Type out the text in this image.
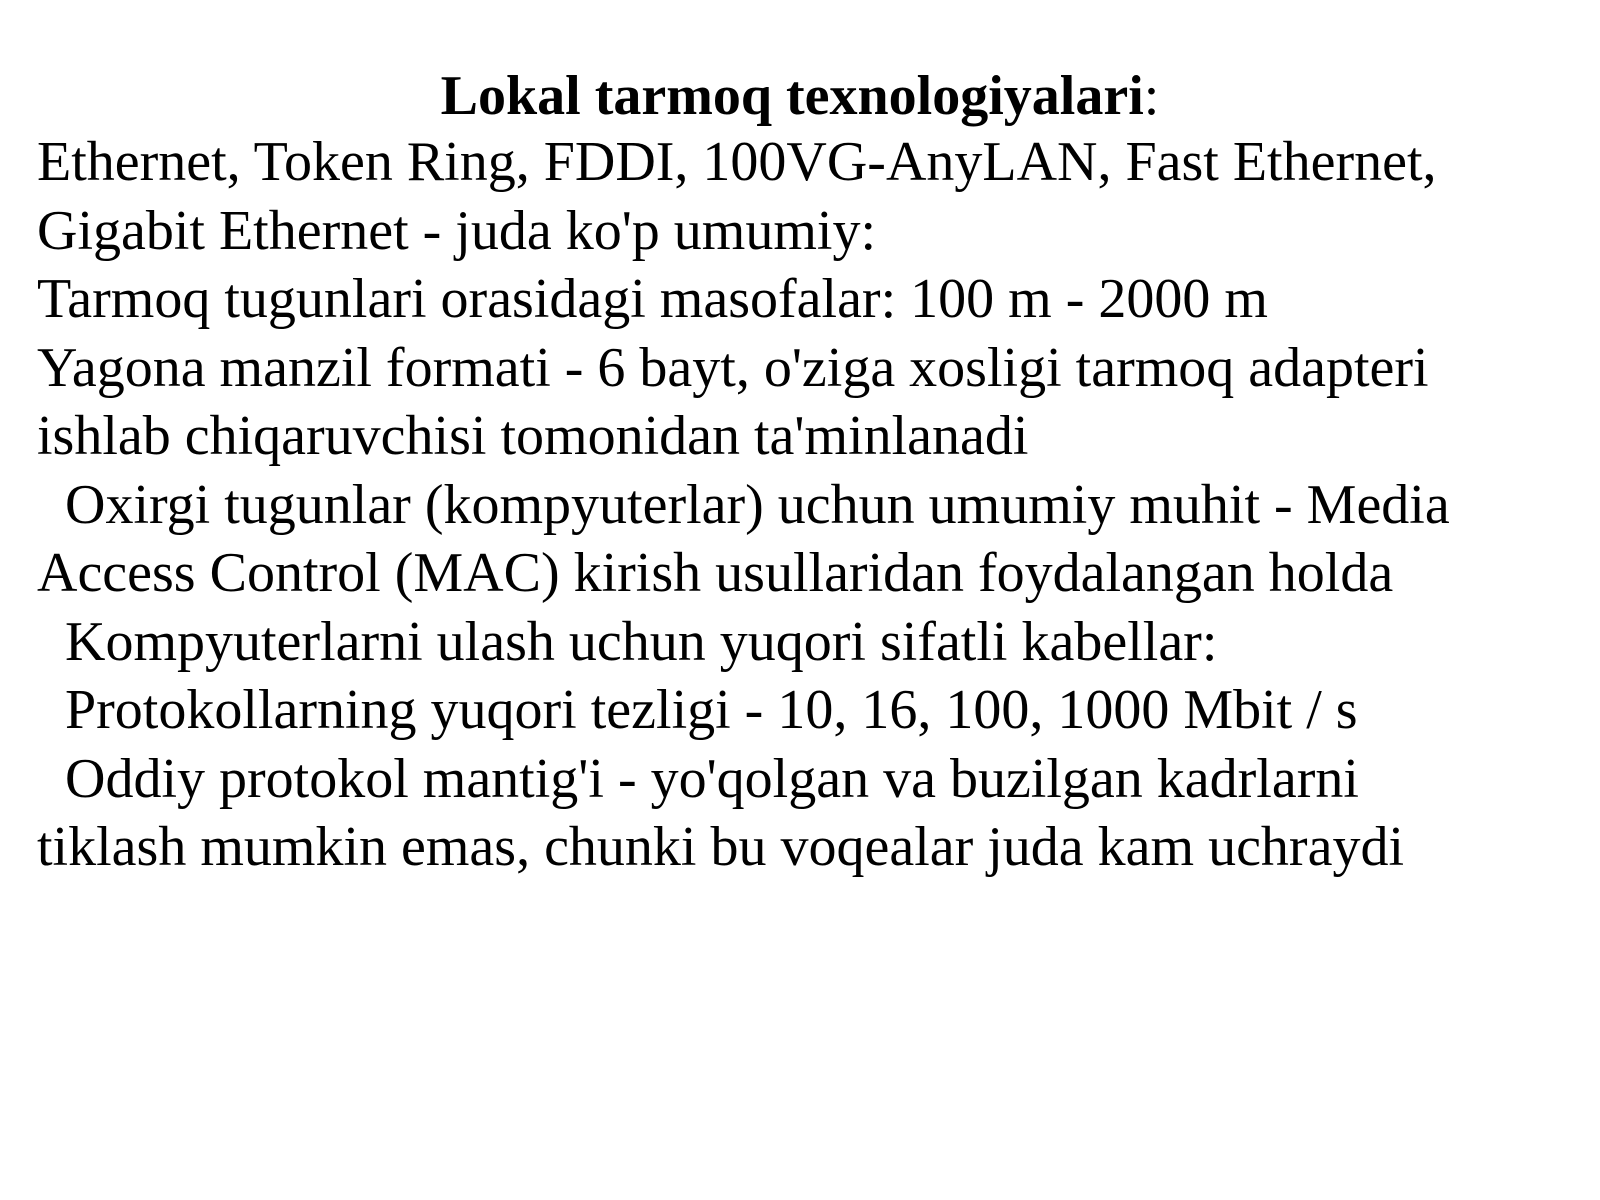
Lokal tarmoq texnologiyalari:
Ethernet, Token Ring, FDDI, 100VG-AnyLAN, Fast Ethernet,
Gigabit Ethernet - juda ko'p umumiy:
Tarmoq tugunlari orasidagi masofalar: 100 m - 2000 m
Yagona manzil formati - 6 bayt, o'ziga xosligi tarmoq adapteri
ishlab chiqaruvchisi tomonidan ta'minlanadi
Oxirgi tugunlar (kompyuterlar) uchun umumiy muhit - Media
Access Control (MAC) kirish usullaridan foydalangan holda
Kompyuterlarni ulash uchun yuqori sifatli kabellar:
Protokollarning yuqori tezligi - 10, 16, 100, 1000 Mbit / s
Oddiy protokol mantig'i - yo'qolgan va buzilgan kadrlarni
tiklash mumkin emas, chunki bu voqealar juda kam uchraydi
